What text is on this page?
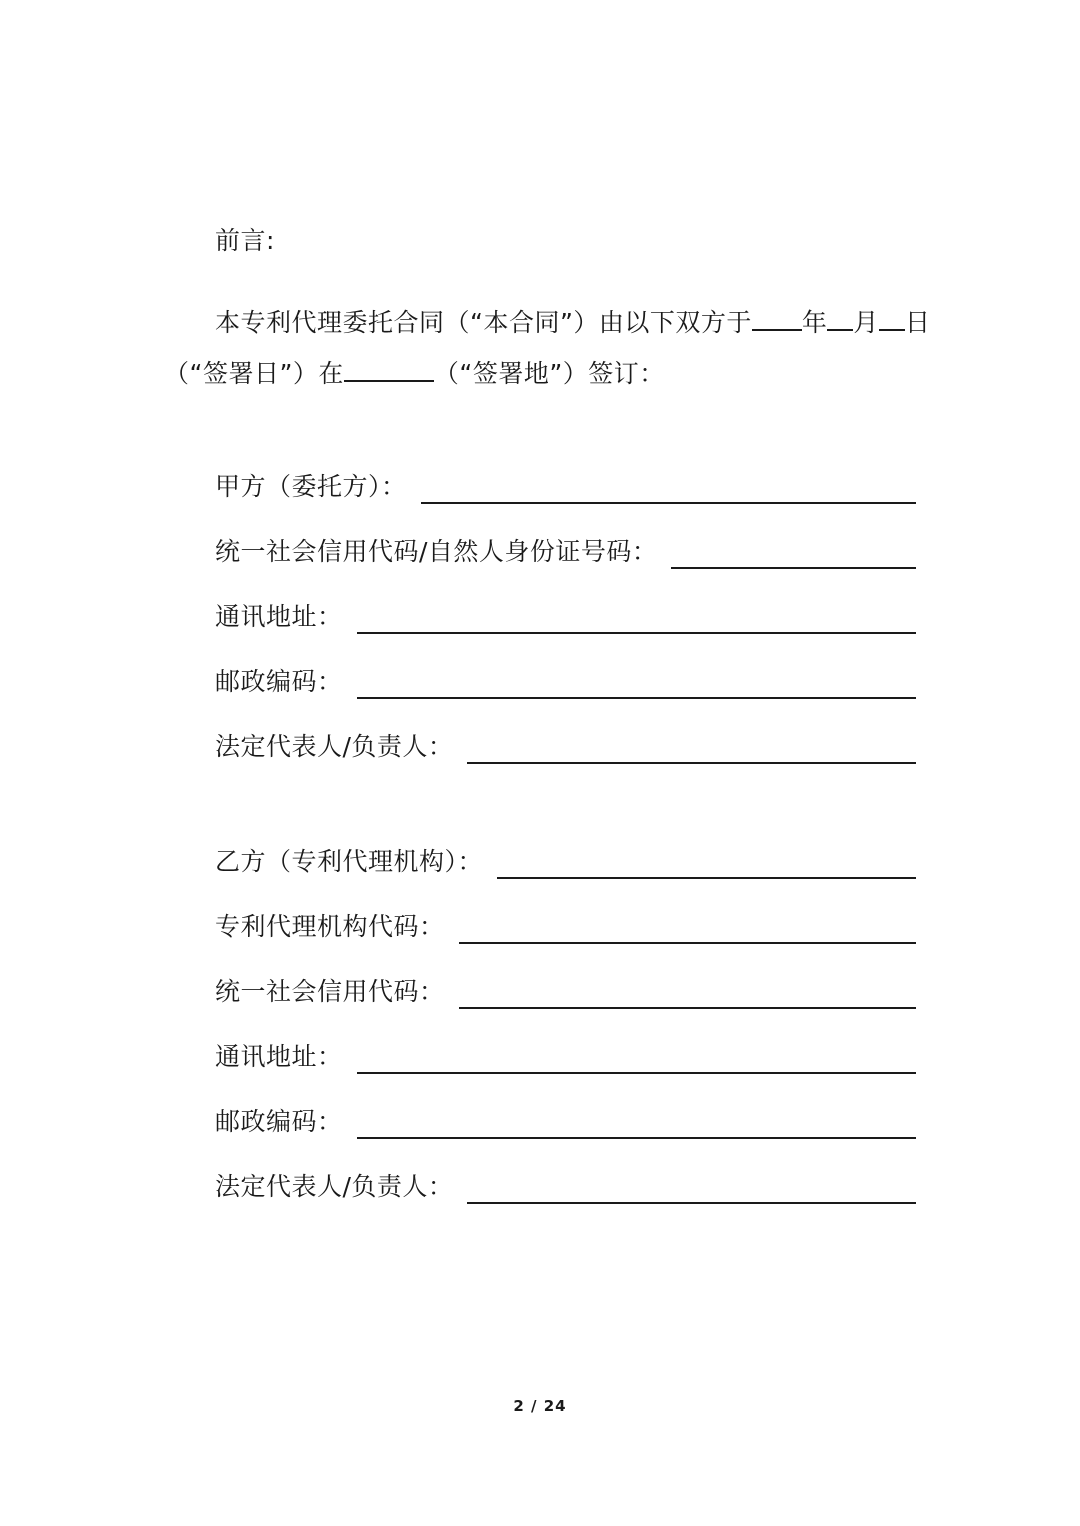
前言:
本专利代理委托合同（“本合同”）由以下双方于 年 月 日
（“签署日”）在	（“签署地”）签订：
甲方（委托方）：
统一社会信用代码/自然人身份证号码：
通讯地址：
邮政编码：
法定代表人/负责人：
乙方（专利代理机构）：
专利代理机构代码：
统一社会信用代码：
通讯地址：
邮政编码：
法定代表人/负责人：
2 / 24
